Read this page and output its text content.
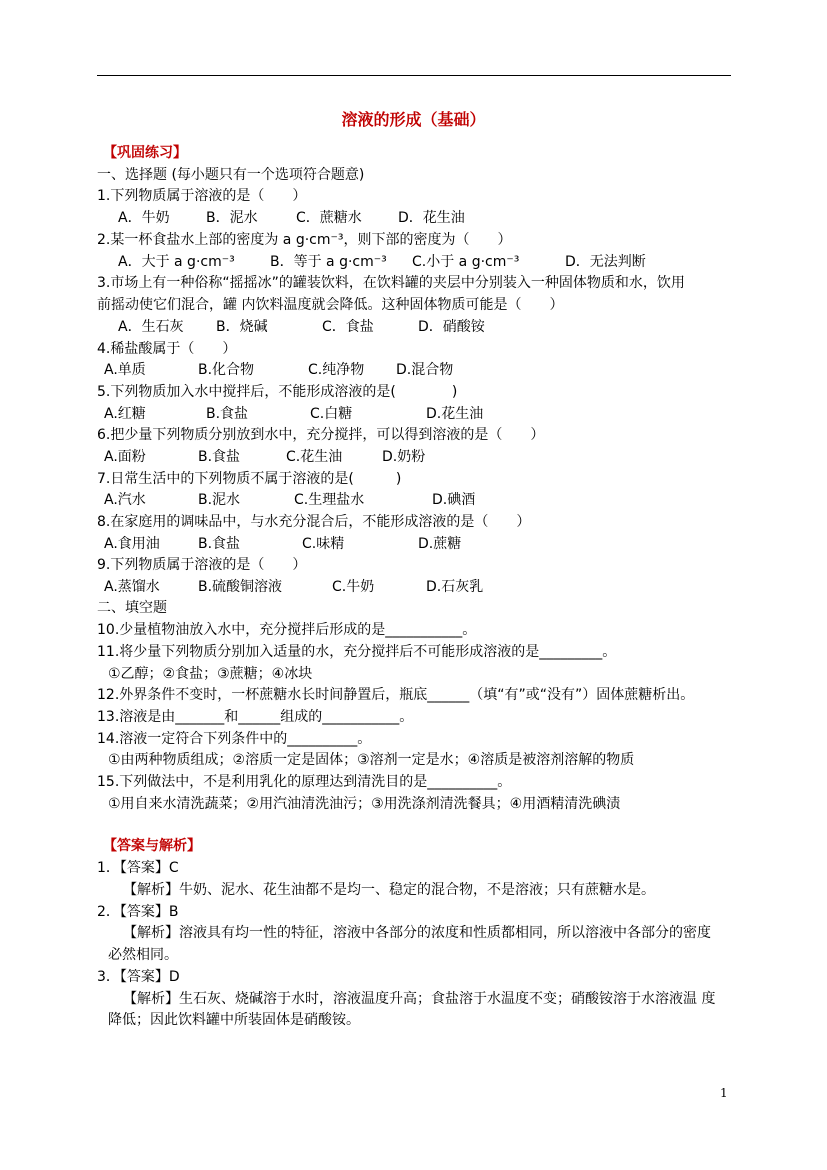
溶液的形成（基础）
【巩固练习】
一、选择题 (每小题只有一个选项符合题意)
1.下列物质属于溶液的是（　　）
A．牛奶	B．泥水	C．蔗糖水	D．花生油
2.某一杯食盐水上部的密度为 a g·cm⁻³，则下部的密度为（　　）
A．大于 a g·cm⁻³	B．等于 a g·cm⁻³ C.小于 a g·cm⁻³	D．无法判断
3.市场上有一种俗称“摇摇冰”的罐装饮料，在饮料罐的夹层中分别装入一种固体物质和水，饮用
前摇动使它们混合，罐 内饮料温度就会降低。这种固体物质可能是（　　）
A．生石灰 B．烧碱	C．食盐	D．硝酸铵
4.稀盐酸属于（　　）
A.单质	B.化合物	C.纯净物 D.混合物
5.下列物质加入水中搅拌后，不能形成溶液的是(　　　　)
A.红糖	B.食盐	C.白糖	D.花生油
6.把少量下列物质分别放到水中，充分搅拌，可以得到溶液的是（　　）
A.面粉	B.食盐	C.花生油	D.奶粉
7.日常生活中的下列物质不属于溶液的是(　　　)
A.汽水	B.泥水	C.生理盐水	D.碘酒
8.在家庭用的调味品中，与水充分混合后，不能形成溶液的是（　　）
A.食用油	B.食盐	C.味精	D.蔗糖
9.下列物质属于溶液的是（　　）
A.蒸馏水	B.硫酸铜溶液	C.牛奶	D.石灰乳
二、填空题
10.少量植物油放入水中，充分搅拌后形成的是___________。
11.将少量下列物质分别加入适量的水，充分搅拌后不可能形成溶液的是_________。
①乙醇；②食盐；③蔗糖；④冰块
12.外界条件不变时，一杯蔗糖水长时间静置后，瓶底______（填“有”或“没有”）固体蔗糖析出。
13.溶液是由_______和______组成的___________。
14.溶液一定符合下列条件中的__________。
①由两种物质组成；②溶质一定是固体；③溶剂一定是水；④溶质是被溶剂溶解的物质
15.下列做法中，不是利用乳化的原理达到清洗目的是__________。
①用自来水清洗蔬菜；②用汽油清洗油污；③用洗涤剂清洗餐具；④用酒精清洗碘渍
【答案与解析】
1．【答案】C
【解析】牛奶、泥水、花生油都不是均一、稳定的混合物，不是溶液；只有蔗糖水是。
2．【答案】B
【解析】溶液具有均一性的特征，溶液中各部分的浓度和性质都相同，所以溶液中各部分的密度
必然相同。
3．【答案】D
【解析】生石灰、烧碱溶于水时，溶液温度升高；食盐溶于水温度不变；硝酸铵溶于水溶液温 度
降低；因此饮料罐中所装固体是硝酸铵。
1
